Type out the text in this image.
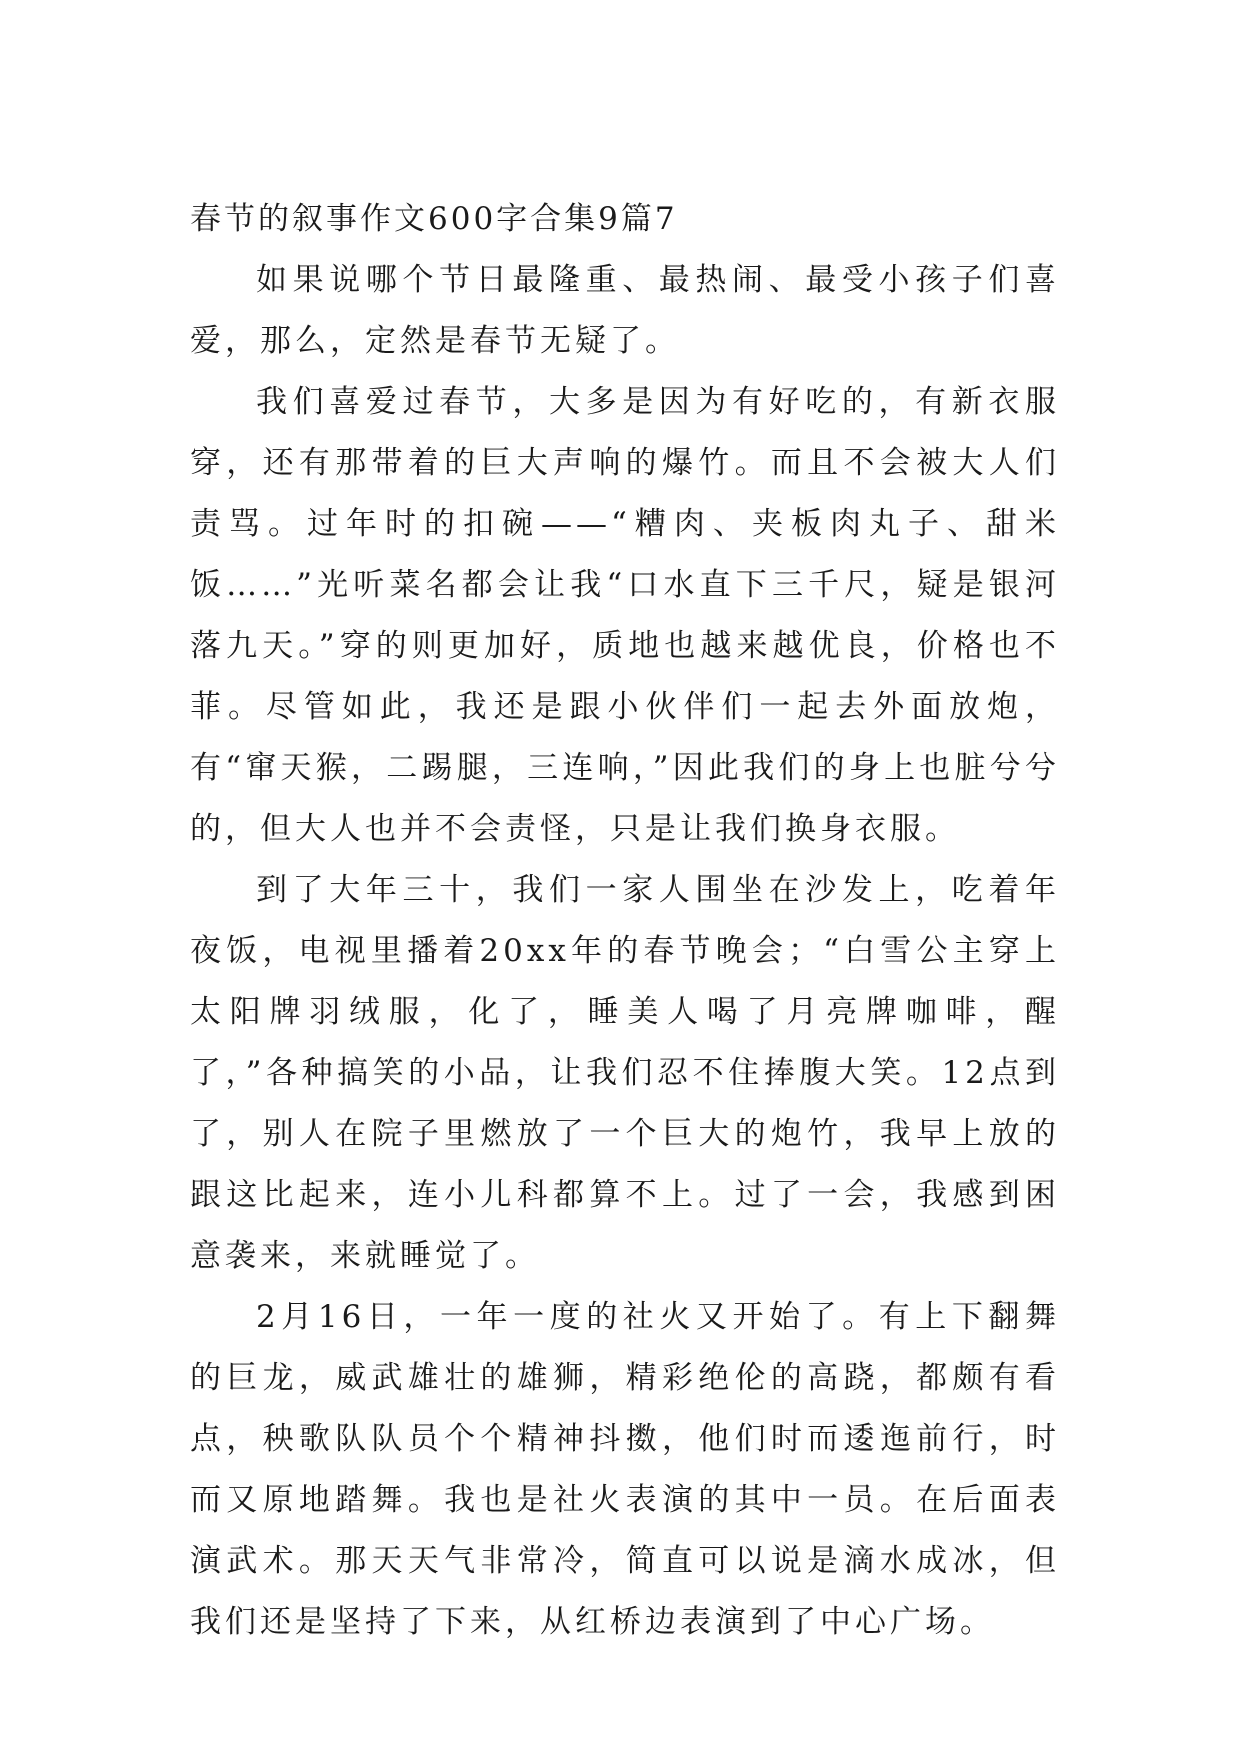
春节的叙事作文600字合集9篇7

如果说哪个节日最隆重、最热闹、最受小孩子们喜爱，那么，定然是春节无疑了。

我们喜爱过春节，大多是因为有好吃的，有新衣服穿，还有那带着的巨大声响的爆竹。而且不会被大人们责骂。过年时的扣碗——“糟肉、夹板肉丸子、甜米饭……”光听菜名都会让我“口水直下三千尺，疑是银河落九天。”穿的则更加好，质地也越来越优良，价格也不菲。尽管如此，我还是跟小伙伴们一起去外面放炮，有“窜天猴，二踢腿，三连响，”因此我们的身上也脏兮兮的，但大人也并不会责怪，只是让我们换身衣服。

到了大年三十，我们一家人围坐在沙发上，吃着年夜饭，电视里播着20xx年的春节晚会；“白雪公主穿上太阳牌羽绒服，化了，睡美人喝了月亮牌咖啡，醒了，”各种搞笑的小品，让我们忍不住捧腹大笑。12点到了，别人在院子里燃放了一个巨大的炮竹，我早上放的跟这比起来，连小儿科都算不上。过了一会，我感到困意袭来，来就睡觉了。

2月16日，一年一度的社火又开始了。有上下翻舞的巨龙，威武雄壮的雄狮，精彩绝伦的高跷，都颇有看点，秧歌队队员个个精神抖擞，他们时而逶迤前行，时而又原地踏舞。我也是社火表演的其中一员。在后面表演武术。那天天气非常冷，简直可以说是滴水成冰，但我们还是坚持了下来，从红桥边表演到了中心广场。
